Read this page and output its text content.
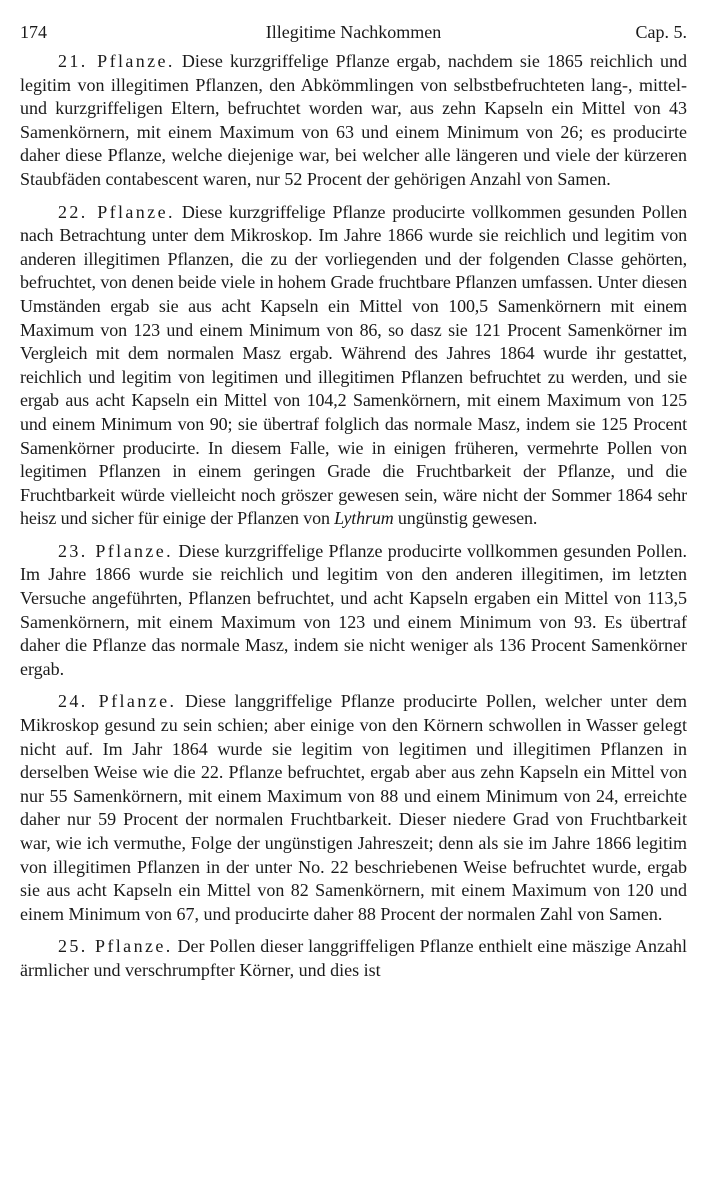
174	Illegitime Nachkommen	Cap. 5.

21. Pflanze. Diese kurzgriffelige Pflanze ergab, nachdem sie 1865 reichlich und legitim von illegitimen Pflanzen, den Abkömmlingen von selbstbefruchteten lang-, mittel- und kurzgriffeligen Eltern, befruchtet worden war, aus zehn Kapseln ein Mittel von 43 Samenkörnern, mit einem Maximum von 63 und einem Minimum von 26; es producirte daher diese Pflanze, welche diejenige war, bei welcher alle längeren und viele der kürzeren Staubfäden contabescent waren, nur 52 Procent der gehörigen Anzahl von Samen.

22. Pflanze. Diese kurzgriffelige Pflanze producirte vollkommen gesunden Pollen nach Betrachtung unter dem Mikroskop. Im Jahre 1866 wurde sie reichlich und legitim von anderen illegitimen Pflanzen, die zu der vorliegenden und der folgenden Classe gehörten, befruchtet, von denen beide viele in hohem Grade fruchtbare Pflanzen umfassen. Unter diesen Umständen ergab sie aus acht Kapseln ein Mittel von 100,5 Samenkörnern mit einem Maximum von 123 und einem Minimum von 86, so dasz sie 121 Procent Samenkörner im Vergleich mit dem normalen Masz ergab. Während des Jahres 1864 wurde ihr gestattet, reichlich und legitim von legitimen und illegitimen Pflanzen befruchtet zu werden, und sie ergab aus acht Kapseln ein Mittel von 104,2 Samenkörnern, mit einem Maximum von 125 und einem Minimum von 90; sie übertraf folglich das normale Masz, indem sie 125 Procent Samenkörner producirte. In diesem Falle, wie in einigen früheren, vermehrte Pollen von legitimen Pflanzen in einem geringen Grade die Fruchtbarkeit der Pflanze, und die Fruchtbarkeit würde vielleicht noch gröszer gewesen sein, wäre nicht der Sommer 1864 sehr heisz und sicher für einige der Pflanzen von Lythrum ungünstig gewesen.

23. Pflanze. Diese kurzgriffelige Pflanze producirte vollkommen gesunden Pollen. Im Jahre 1866 wurde sie reichlich und legitim von den anderen illegitimen, im letzten Versuche angeführten, Pflanzen befruchtet, und acht Kapseln ergaben ein Mittel von 113,5 Samenkörnern, mit einem Maximum von 123 und einem Minimum von 93. Es übertraf daher die Pflanze das normale Masz, indem sie nicht weniger als 136 Procent Samenkörner ergab.

24. Pflanze. Diese langgriffelige Pflanze producirte Pollen, welcher unter dem Mikroskop gesund zu sein schien; aber einige von den Körnern schwollen in Wasser gelegt nicht auf. Im Jahr 1864 wurde sie legitim von legitimen und illegitimen Pflanzen in derselben Weise wie die 22. Pflanze befruchtet, ergab aber aus zehn Kapseln ein Mittel von nur 55 Samenkörnern, mit einem Maximum von 88 und einem Minimum von 24, erreichte daher nur 59 Procent der normalen Fruchtbarkeit. Dieser niedere Grad von Fruchtbarkeit war, wie ich vermuthe, Folge der ungünstigen Jahreszeit; denn als sie im Jahre 1866 legitim von illegitimen Pflanzen in der unter No. 22 beschriebenen Weise befruchtet wurde, ergab sie aus acht Kapseln ein Mittel von 82 Samenkörnern, mit einem Maximum von 120 und einem Minimum von 67, und producirte daher 88 Procent der normalen Zahl von Samen.

25. Pflanze. Der Pollen dieser langgriffeligen Pflanze enthielt eine mäszige Anzahl ärmlicher und verschrumpfter Körner, und dies ist
